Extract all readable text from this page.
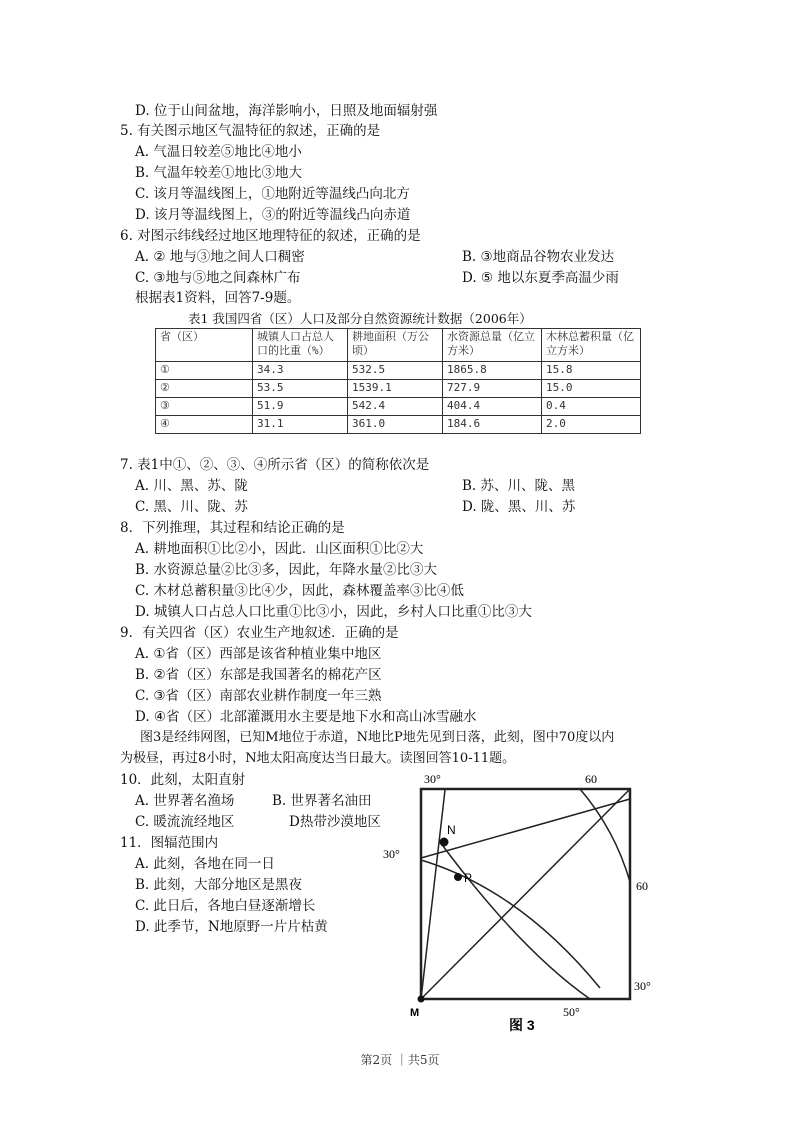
D. 位于山间盆地，海洋影响小，日照及地面辐射强
5. 有关图示地区气温特征的叙述，正确的是
A. 气温日较差⑤地比④地小
B. 气温年较差①地比③地大
C. 该月等温线图上，①地附近等温线凸向北方
D. 该月等温线图上，③的附近等温线凸向赤道
6. 对图示纬线经过地区地理特征的叙述，正确的是
A. ② 地与③地之间人口稠密	B. ③地商品谷物农业发达
C. ③地与⑤地之间森林广布	D. ⑤ 地以东夏季高温少雨
根据表1资料，回答7-9题。
表1 我国四省（区）人口及部分自然资源统计数据（2006年）
省（区）	城镇人口占总人口的比重（%）	耕地面积（万公顷）	水资源总量（亿立方米）	木林总蓄积量（亿立方米）
①	34.3	532.5	1865.8	15.8
②	53.5	1539.1	727.9	15.0
③	51.9	542.4	404.4	0.4
④	31.1	361.0	184.6	2.0
7. 表1中①、②、③、④所示省（区）的简称依次是
A. 川、黑、苏、陇	B. 苏、川、陇、黑
C. 黑、川、陇、苏	D. 陇、黑、川、苏
8．下列推理，其过程和结论正确的是
A. 耕地面积①比②小，因此．山区面积①比②大
B. 水资源总量②比③多，因此，年降水量②比③大
C. 木材总蓄积量③比④少，因此，森林覆盖率③比④低
D. 城镇人口占总人口比重①比③小，因此，乡村人口比重①比③大
9．有关四省（区）农业生产地叙述．正确的是
A. ①省（区）西部是该省种植业集中地区
B. ②省（区）东部是我国著名的棉花产区
C. ③省（区）南部农业耕作制度一年三熟
D. ④省（区）北部灌溉用水主要是地下水和高山冰雪融水
图3是经纬网图，已知M地位于赤道，N地比P地先见到日落，此刻，图中70度以内
为极昼，再过8小时，N地太阳高度达当日最大。读图回答10-11题。
10．此刻，太阳直射
A. 世界著名渔场	B. 世界著名油田
C. 暖流流经地区	D热带沙漠地区
11．图辐范围内
A. 此刻，各地在同一日
B. 此刻，大部分地区是黑夜
C. 此日后，各地白昼逐渐增长
D. 此季节，N地原野一片片枯黄
30°	60
30°
60
30°
50°
N
P
M
图 3
第2页 ｜共5页
